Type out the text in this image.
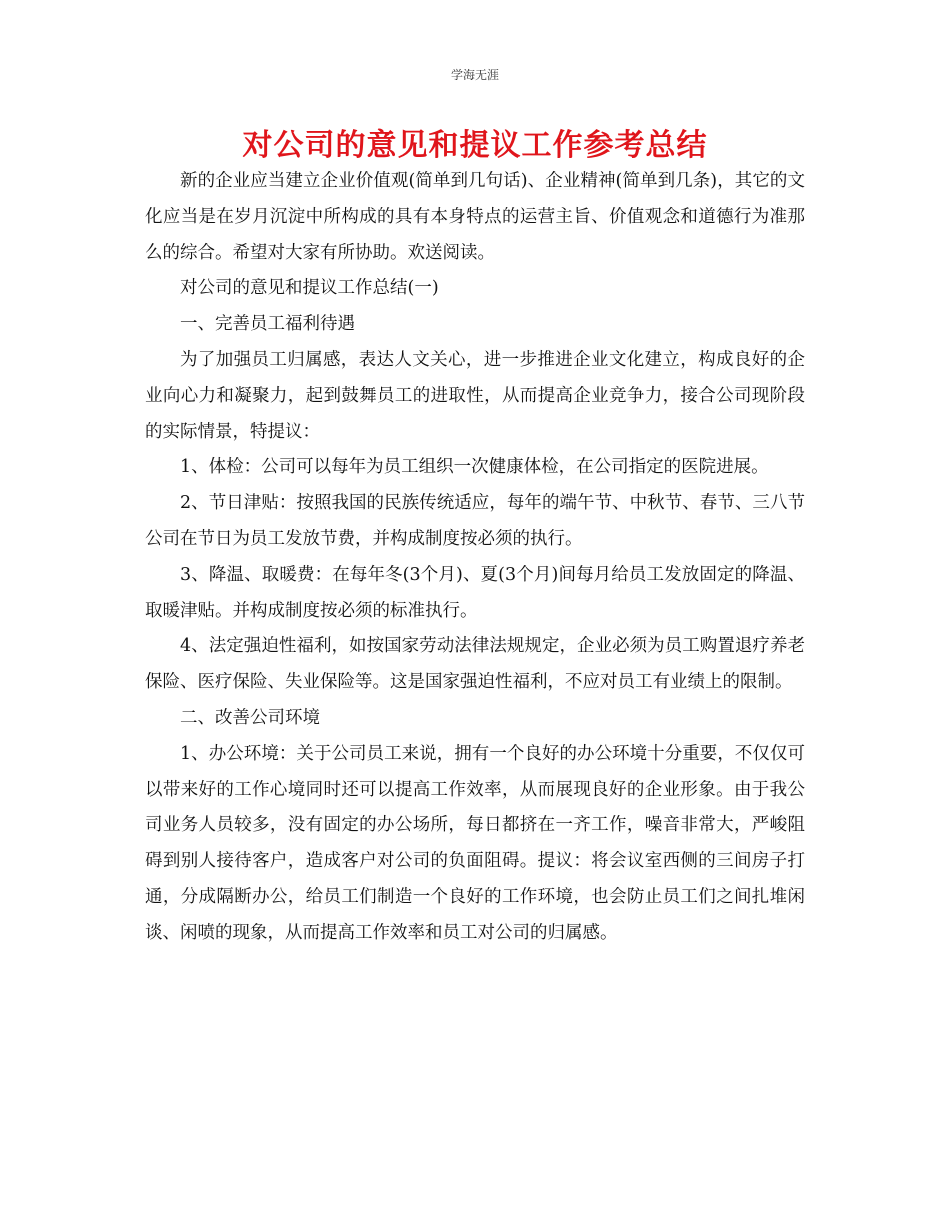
学海无涯
对公司的意见和提议工作参考总结

新的企业应当建立企业价值观(简单到几句话)、企业精神(简单到几条)，其它的文化应当是在岁月沉淀中所构成的具有本身特点的运营主旨、价值观念和道德行为准那么的综合。希望对大家有所协助。欢送阅读。

对公司的意见和提议工作总结(一)

一、完善员工福利待遇

为了加强员工归属感，表达人文关心，进一步推进企业文化建立，构成良好的企业向心力和凝聚力，起到鼓舞员工的进取性，从而提高企业竞争力，接合公司现阶段的实际情景，特提议：

1、体检：公司可以每年为员工组织一次健康体检，在公司指定的医院进展。

2、节日津贴：按照我国的民族传统适应，每年的端午节、中秋节、春节、三八节公司在节日为员工发放节费，并构成制度按必须的执行。

3、降温、取暖费：在每年冬(3个月)、夏(3个月)间每月给员工发放固定的降温、取暖津贴。并构成制度按必须的标准执行。

4、法定强迫性福利，如按国家劳动法律法规规定，企业必须为员工购置退疗养老保险、医疗保险、失业保险等。这是国家强迫性福利，不应对员工有业绩上的限制。

二、改善公司环境

1、办公环境：关于公司员工来说，拥有一个良好的办公环境十分重要，不仅仅可以带来好的工作心境同时还可以提高工作效率，从而展现良好的企业形象。由于我公司业务人员较多，没有固定的办公场所，每日都挤在一齐工作，噪音非常大，严峻阻碍到别人接待客户，造成客户对公司的负面阻碍。提议：将会议室西侧的三间房子打通，分成隔断办公，给员工们制造一个良好的工作环境，也会防止员工们之间扎堆闲谈、闲喷的现象，从而提高工作效率和员工对公司的归属感。
